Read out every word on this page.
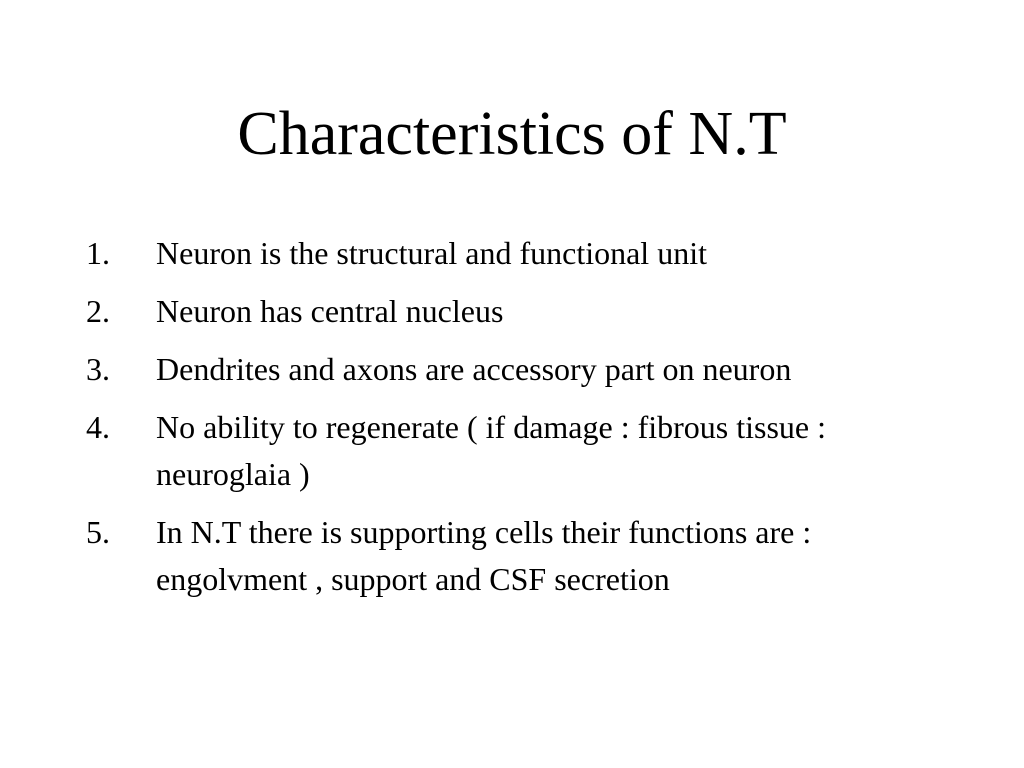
Characteristics of N.T
1.	Neuron is the structural and functional unit
2.	Neuron has central nucleus
3.	Dendrites and axons are accessory part on neuron
4.	No ability to regenerate ( if damage : fibrous tissue : neuroglaia )
5.	In N.T there is supporting cells their functions are : engolvment , support and CSF secretion
